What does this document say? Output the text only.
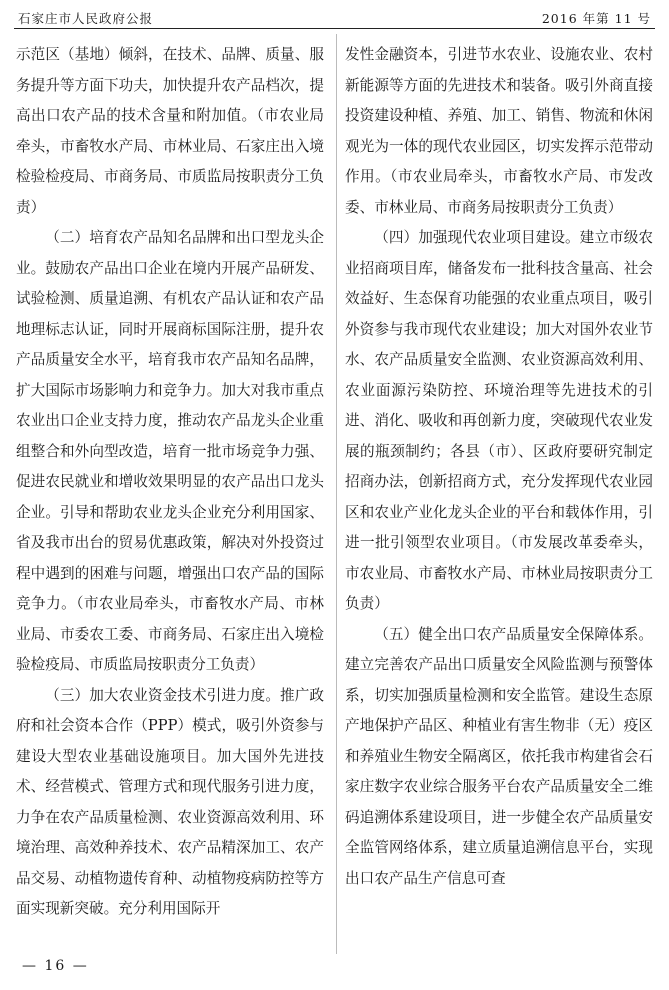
石家庄市人民政府公报	2016 年第 11 号

示范区（基地）倾斜，在技术、品牌、质量、服务提升等方面下功夫，加快提升农产品档次，提高出口农产品的技术含量和附加值。（市农业局牵头，市畜牧水产局、市林业局、石家庄出入境检验检疫局、市商务局、市质监局按职责分工负责）

（二）培育农产品知名品牌和出口型龙头企业。鼓励农产品出口企业在境内开展产品研发、试验检测、质量追溯、有机农产品认证和农产品地理标志认证，同时开展商标国际注册，提升农产品质量安全水平，培育我市农产品知名品牌，扩大国际市场影响力和竞争力。加大对我市重点农业出口企业支持力度，推动农产品龙头企业重组整合和外向型改造，培育一批市场竞争力强、促进农民就业和增收效果明显的农产品出口龙头企业。引导和帮助农业龙头企业充分利用国家、省及我市出台的贸易优惠政策，解决对外投资过程中遇到的困难与问题，增强出口农产品的国际竞争力。（市农业局牵头，市畜牧水产局、市林业局、市委农工委、市商务局、石家庄出入境检验检疫局、市质监局按职责分工负责）

（三）加大农业资金技术引进力度。推广政府和社会资本合作（PPP）模式，吸引外资参与建设大型农业基础设施项目。加大国外先进技术、经营模式、管理方式和现代服务引进力度，力争在农产品质量检测、农业资源高效利用、环境治理、高效种养技术、农产品精深加工、农产品交易、动植物遗传育种、动植物疫病防控等方面实现新突破。充分利用国际开

发性金融资本，引进节水农业、设施农业、农村新能源等方面的先进技术和装备。吸引外商直接投资建设种植、养殖、加工、销售、物流和休闲观光为一体的现代农业园区，切实发挥示范带动作用。（市农业局牵头，市畜牧水产局、市发改委、市林业局、市商务局按职责分工负责）

（四）加强现代农业项目建设。建立市级农业招商项目库，储备发布一批科技含量高、社会效益好、生态保育功能强的农业重点项目，吸引外资参与我市现代农业建设；加大对国外农业节水、农产品质量安全监测、农业资源高效利用、农业面源污染防控、环境治理等先进技术的引进、消化、吸收和再创新力度，突破现代农业发展的瓶颈制约；各县（市）、区政府要研究制定招商办法，创新招商方式，充分发挥现代农业园区和农业产业化龙头企业的平台和载体作用，引进一批引领型农业项目。（市发展改革委牵头，市农业局、市畜牧水产局、市林业局按职责分工负责）

（五）健全出口农产品质量安全保障体系。建立完善农产品出口质量安全风险监测与预警体系，切实加强质量检测和安全监管。建设生态原产地保护产品区、种植业有害生物非（无）疫区和养殖业生物安全隔离区，依托我市构建省会石家庄数字农业综合服务平台农产品质量安全二维码追溯体系建设项目，进一步健全农产品质量安全监管网络体系，建立质量追溯信息平台，实现出口农产品生产信息可查

— 16 —
